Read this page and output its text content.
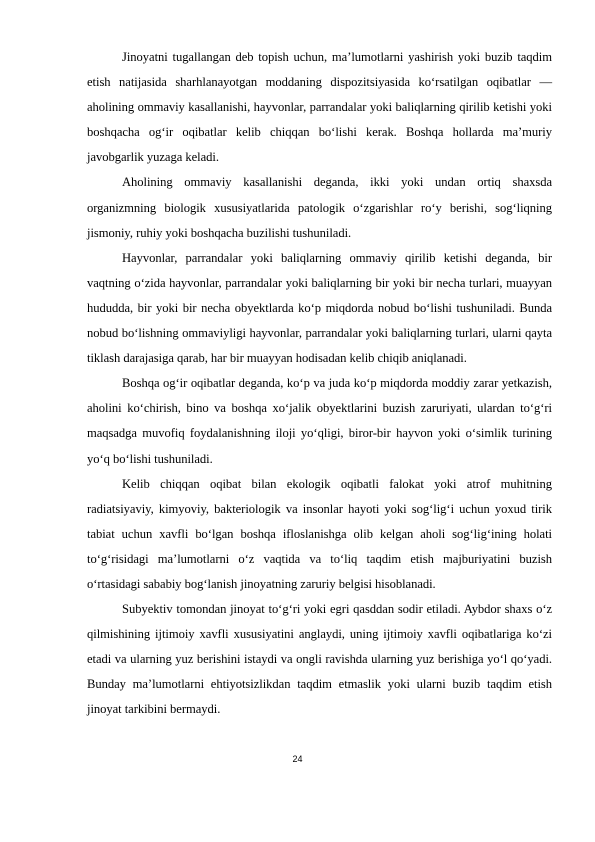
Jinoyatni tugallangan deb topish uchun, ma’lumotlarni yashirish yoki buzib taqdim etish natijasida sharhlanayotgan moddaning dispozitsiyasida ko‘rsatilgan oqibatlar — aholining ommaviy kasallanishi, hayvonlar, parrandalar yoki baliqlarning qirilib ketishi yoki boshqacha og‘ir oqibatlar kelib chiqqan bo‘lishi kerak. Boshqa hollarda ma’muriy javobgarlik yuzaga keladi.

Aholining ommaviy kasallanishi deganda, ikki yoki undan ortiq shaxsda organizmning biologik xususiyatlarida patologik o‘zgarishlar ro‘y berishi, sog‘liqning jismoniy, ruhiy yoki boshqacha buzilishi tushuniladi.

Hayvonlar, parrandalar yoki baliqlarning ommaviy qirilib ketishi deganda, bir vaqtning o‘zida hayvonlar, parrandalar yoki baliqlarning bir yoki bir necha turlari, muayyan hududda, bir yoki bir necha obyektlarda ko‘p miqdorda nobud bo‘lishi tushuniladi. Bunda nobud bo‘lishning ommaviyligi hayvonlar, parrandalar yoki baliqlarning turlari, ularni qayta tiklash darajasiga qarab, har bir muayyan hodisadan kelib chiqib aniqlanadi.

Boshqa og‘ir oqibatlar deganda, ko‘p va juda ko‘p miqdorda moddiy zarar yetkazish, aholini ko‘chirish, bino va boshqa xo‘jalik obyektlarini buzish zaruriyati, ulardan to‘g‘ri maqsadga muvofiq foydalanishning iloji yo‘qligi, biror-bir hayvon yoki o‘simlik turining yo‘q bo‘lishi tushuniladi.

Kelib chiqqan oqibat bilan ekologik oqibatli falokat yoki atrof muhitning radiatsiyaviy, kimyoviy, bakteriologik va insonlar hayoti yoki sog‘lig‘i uchun yoxud tirik tabiat uchun xavfli bo‘lgan boshqa ifloslanishga olib kelgan aholi sog‘lig‘ining holati to‘g‘risidagi ma’lumotlarni o‘z vaqtida va to‘liq taqdim etish majburiyatini buzish o‘rtasidagi sababiy bog‘lanish jinoyatning zaruriy belgisi hisoblanadi.

Subyektiv tomondan jinoyat to‘g‘ri yoki egri qasddan sodir etiladi. Aybdor shaxs o‘z qilmishining ijtimoiy xavfli xususiyatini anglaydi, uning ijtimoiy xavfli oqibatlariga ko‘zi etadi va ularning yuz berishini istaydi va ongli ravishda ularning yuz berishiga yo‘l qo‘yadi. Bunday ma’lumotlarni ehtiyotsizlikdan taqdim etmaslik yoki ularni buzib taqdim etish jinoyat tarkibini bermaydi.

24
